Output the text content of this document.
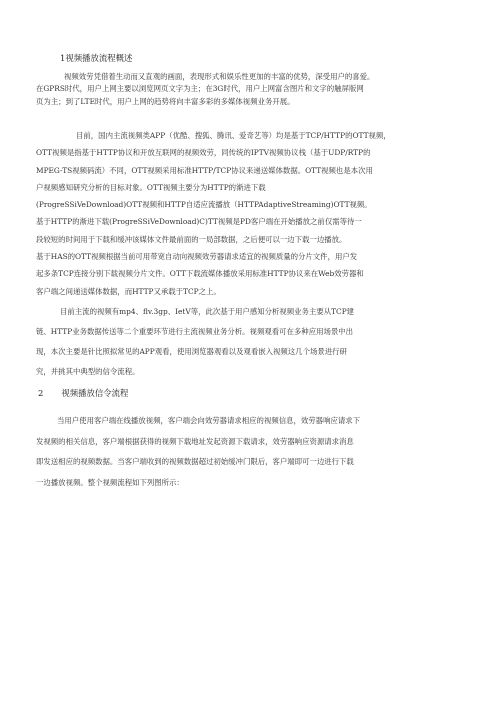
1视频播放流程概述
视频效劳凭借着生动而又直观的画面，表现形式和娱乐性更加的丰富的优势，深受用户的喜爱。
在GPRS时代，用户上网主要以浏览网页文字为主；在3G时代，用户上网富含图片和文字的触屏版网
页为主；到了LTE时代，用户上网的趋势将向丰富多彩的多媒体视频业务开展。
目前，国内主流视频类APP（优酷、搜狐、腾讯、爱奇艺等）均是基于TCP/HTTP的OTT视频，
OTT视频是指基于HTTP协议和开放互联网的视频效劳，同传统的IPTV视频协议栈（基于UDP/RTP的
MPEG-TS视频码流）不同，OTT视频采用标准HTTP/TCP协议来递送媒体数据。OTT视频也是本次用
户视频感知研究分析的目标对象。OTT视频主要分为HTTP的渐进下载
(ProgreSSiVeDownload)OTT视频和HTTP自适应流播放（HTTPAdaptiveStreaming)OTT视频。
基于HTTP的渐进下载(ProgreSSiVeDownload)C)TT视频是PD客户端在开始播放之前仅需等待一
段较短的时间用于下载和缓冲该媒体文件最前面的一局部数据，之后便可以一边下载一边播放。
基于HAS的OTT视频根据当前可用带宽自动向视频效劳器请求适宜的视频质量的分片文件，用户发
起多条TCP连接分别下载视频分片文件。OTT下载流媒体播放采用标准HTTP协议来在Web效劳器和
客户端之间递送媒体数据，而HTTP又承载于TCP之上。
目前主流的视频有mp4、flv.3gp、IetV等，此次基于用户感知分析视频业务主要从TCP建
链、HTTP业务数据传送等二个重要环节进行主流视频业务分析。视频观看可在多种应用场景中出
现，本次主要是针比照拟常见的APP观看，使用浏览器观看以及观看嵌入视频这几个场景进行研
究，并挑其中典型的信令流程。
2 视频播放信令流程
当用户使用客户端在线播放视频，客户端会向效劳器请求相应的视频信息，效劳器响应请求下
发视频的相关信息，客户端根据获得的视频下载地址发起资源下载请求，效劳器响应资源请求消息
即发送相应的视频数据。当客户端收到的视频数据超过初始缓冲门限后，客户端即可一边进行下载
一边播放视频。整个视频流程如下列图所示：
